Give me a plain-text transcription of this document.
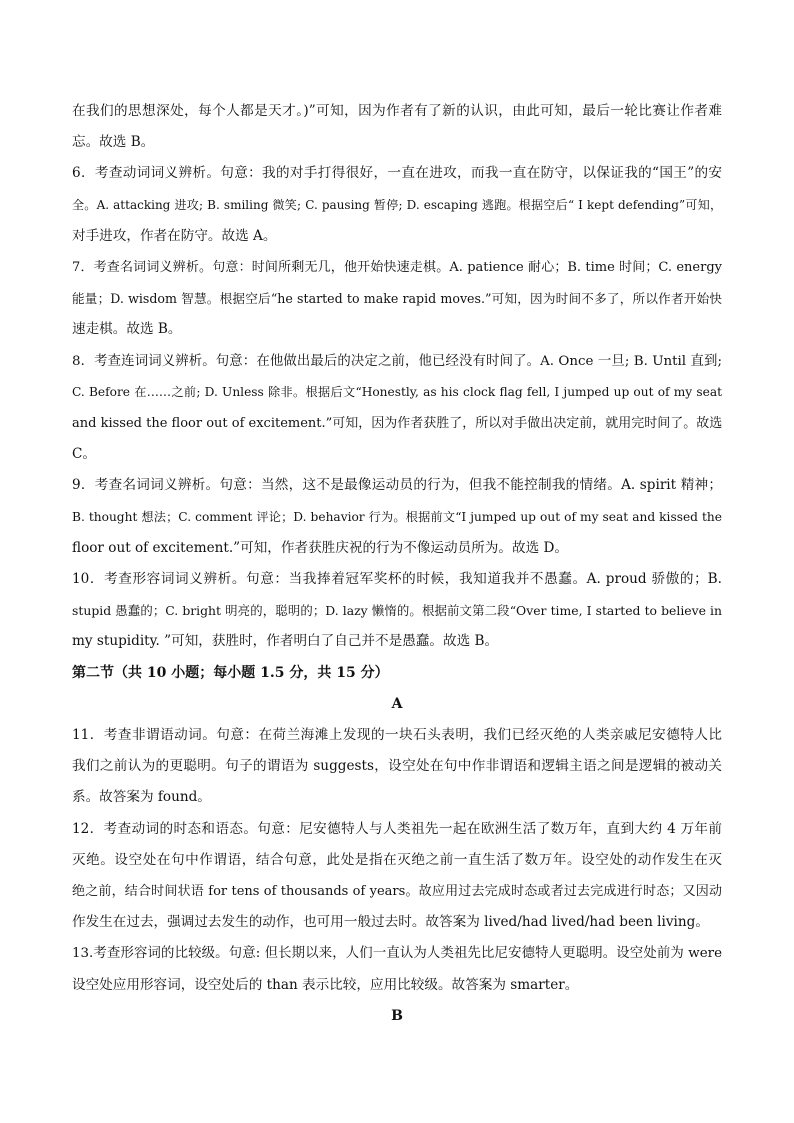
在我们的思想深处，每个人都是天才。)”可知，因为作者有了新的认识，由此可知，最后一轮比赛让作者难

忘。故选 B。

6．考查动词词义辨析。句意：我的对手打得很好，一直在进攻，而我一直在防守，以保证我的“国王”的安

全。A. attacking 进攻; B. smiling 微笑; C. pausing 暂停; D. escaping 逃跑。根据空后“ I kept defending”可知，

对手进攻，作者在防守。故选 A。

7．考查名词词义辨析。句意：时间所剩无几，他开始快速走棋。A. patience 耐心；B. time 时间；C. energy

能量；D. wisdom 智慧。根据空后“he started to make rapid moves.”可知，因为时间不多了，所以作者开始快

速走棋。故选 B。

8．考查连词词义辨析。句意：在他做出最后的决定之前，他已经没有时间了。A. Once 一旦; B. Until 直到;

C. Before 在……之前; D. Unless 除非。根据后文“Honestly, as his clock flag fell, I jumped up out of my seat

and kissed the floor out of excitement.”可知，因为作者获胜了，所以对手做出决定前，就用完时间了。故选

C。

9．考查名词词义辨析。句意：当然，这不是最像运动员的行为，但我不能控制我的情绪。A. spirit 精神；

B. thought 想法；C. comment 评论；D. behavior 行为。根据前文“I jumped up out of my seat and kissed the

floor out of excitement.”可知，作者获胜庆祝的行为不像运动员所为。故选 D。

10．考查形容词词义辨析。句意：当我捧着冠军奖杯的时候，我知道我并不愚蠢。A. proud 骄傲的；B.

stupid 愚蠢的；C. bright 明亮的，聪明的；D. lazy 懒惰的。根据前文第二段“Over time, I started to believe in

my stupidity. ”可知，获胜时，作者明白了自己并不是愚蠢。故选 B。

第二节（共 10 小题；每小题 1.5 分，共 15 分）

A

11．考查非谓语动词。句意：在荷兰海滩上发现的一块石头表明，我们已经灭绝的人类亲戚尼安德特人比

我们之前认为的更聪明。句子的谓语为 suggests，设空处在句中作非谓语和逻辑主语之间是逻辑的被动关

系。故答案为 found。

12．考查动词的时态和语态。句意：尼安德特人与人类祖先一起在欧洲生活了数万年，直到大约 4 万年前

灭绝。设空处在句中作谓语，结合句意，此处是指在灭绝之前一直生活了数万年。设空处的动作发生在灭

绝之前，结合时间状语 for tens of thousands of years。故应用过去完成时态或者过去完成进行时态；又因动

作发生在过去，强调过去发生的动作，也可用一般过去时。故答案为 lived/had lived/had been living。

13.考查形容词的比较级。句意: 但长期以来，人们一直认为人类祖先比尼安德特人更聪明。设空处前为 were

设空处应用形容词，设空处后的 than 表示比较，应用比较级。故答案为 smarter。

B
